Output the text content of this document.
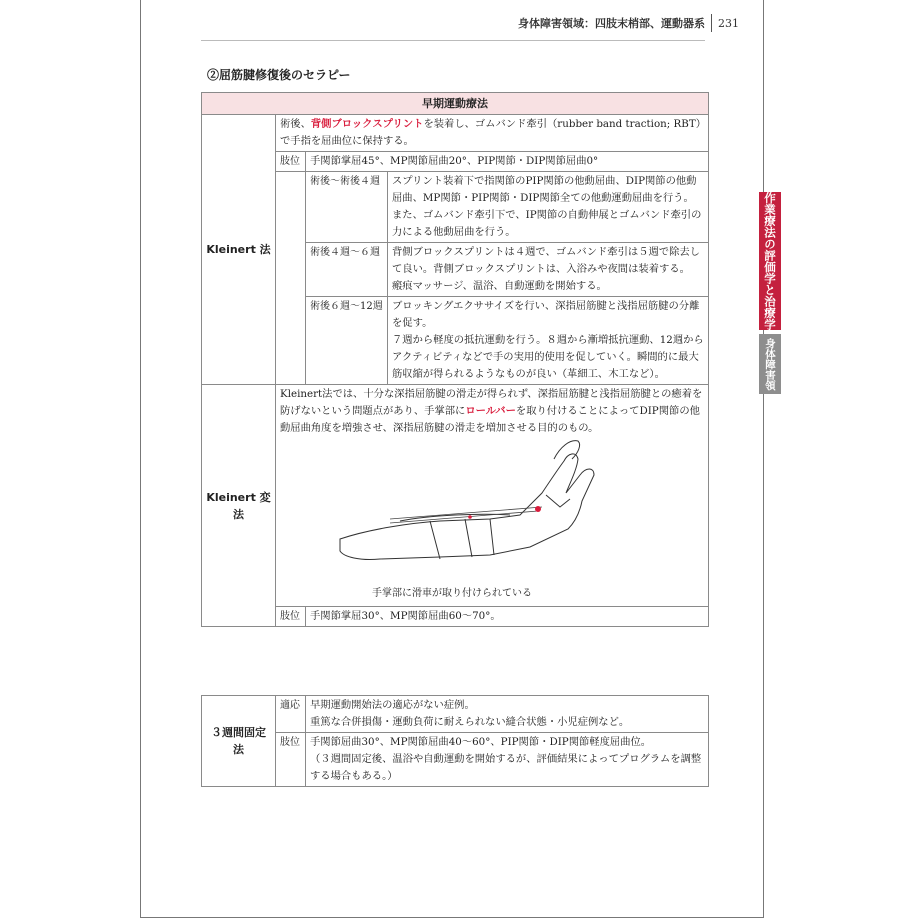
身体障害領域：四肢末梢部、運動器系 231
②屈筋腱修復後のセラピー
早期運動療法			
Kleinert 法	術後、背側ブロックスプリントを装着し、ゴムバンド牽引（rubber band traction; RBT）で手指を屈曲位に保持する。		
	肢位	手関節掌屈45°、MP関節屈曲20°、PIP関節・DIP関節屈曲0°	
		術後～術後４週	スプリント装着下で指関節のPIP関節の他動屈曲、DIP関節の他動屈曲、MP関節・PIP関節・DIP関節全ての他動運動屈曲を行う。また、ゴムバンド牽引下で、IP関節の自動伸展とゴムバンド牽引の力による他動屈曲を行う。

		術後４週～６週	背側ブロックスプリントは４週で、ゴムバンド牽引は５週で除去して良い。背側ブロックスプリントは、入浴みや夜間は装着する。
瘢痕マッサージ、温浴、自動運動を開始する。

		術後６週～12週	ブロッキングエクササイズを行い、深指屈筋腱と浅指屈筋腱の分離を促す。
７週から軽度の抵抗運動を行う。８週から漸増抵抗運動、12週からアクティビティなどで手の実用的使用を促していく。瞬間的に最大筋収縮が得られるようなものが良い（革細工、木工など）。

Kleinert 変法	Kleinert法では、十分な深指屈筋腱の滑走が得られず、深指屈筋腱と浅指屈筋腱との癒着を防げないという問題点があり、手掌部にロールバーを取り付けることによってDIP関節の他動屈曲角度を増強させ、深指屈筋腱の滑走を増加させる目的のもの。
手掌部に滑車が取り付けられている		

	肢位	手関節掌屈30°、MP関節屈曲60～70°。	
３週間固定法	適応	早期運動開始法の適応がない症例。
重篤な合併損傷・運動負荷に耐えられない縫合状態・小児症例など。

	肢位	手関節屈曲30°、MP関節屈曲40～60°、PIP関節・DIP関節軽度屈曲位。
（３週間固定後、温浴や自動運動を開始するが、評価結果によってプログラムを調整する場合もある。）
作業療法の評価学と治療学
身体障害領域
